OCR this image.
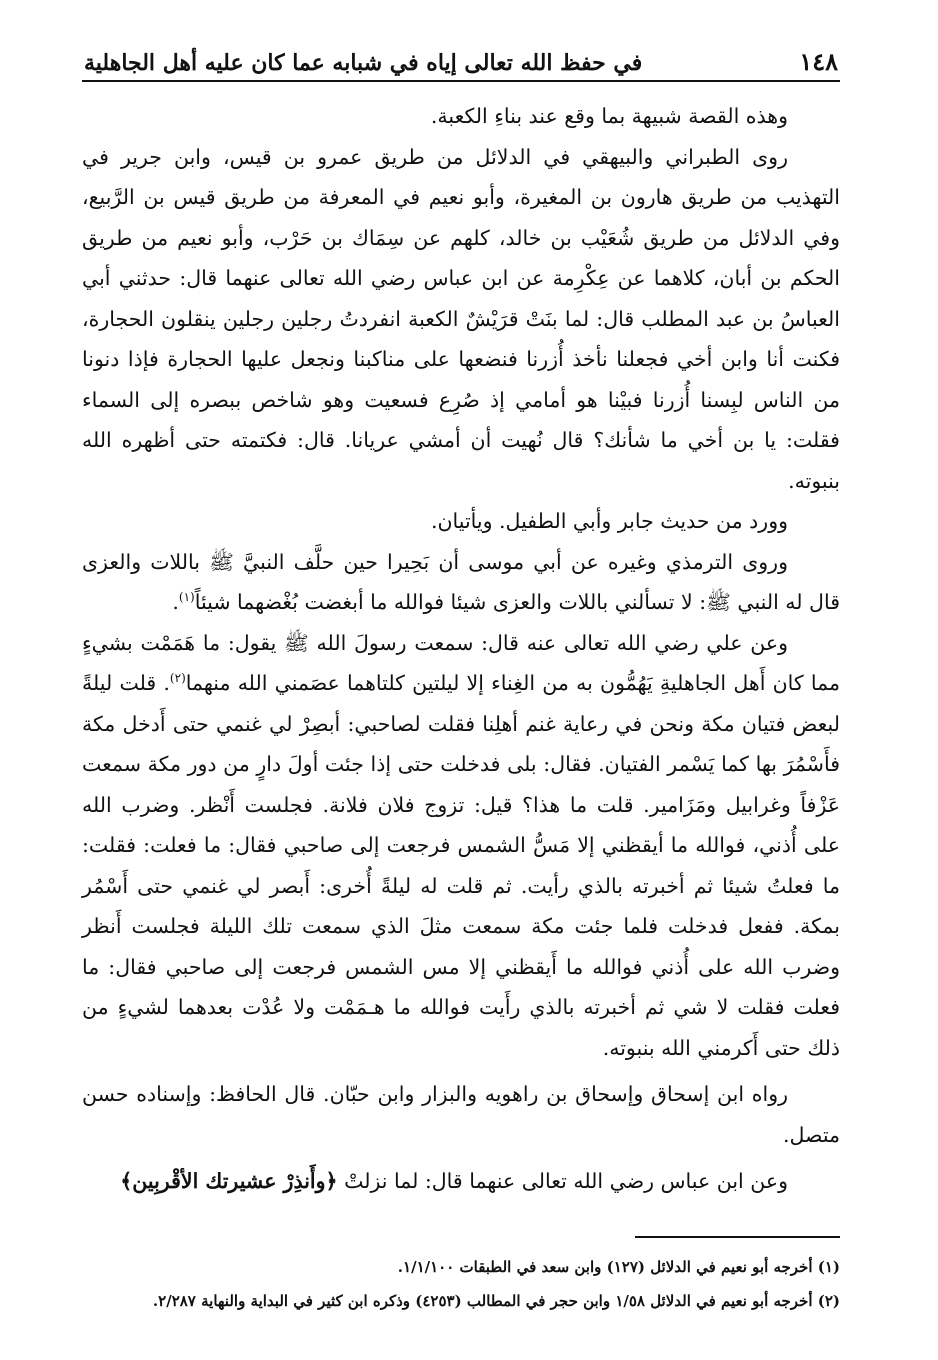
١٤٨
في حفظ الله تعالى إياه في شبابه عما كان عليه أهل الجاهلية

وهذه القصة شبيهة بما وقع عند بناءِ الكعبة.

روى الطبراني والبيهقي في الدلائل من طريق عمرو بن قيس، وابن جرير في التهذيب من طريق هارون بن المغيرة، وأبو نعيم في المعرفة من طريق قيس بن الرَّبيع، وفي الدلائل من طريق شُعَيْب بن خالد، كلهم عن سِمَاك بن حَرْب، وأبو نعيم من طريق الحكم بن أبان، كلاهما عن عِكْرِمة عن ابن عباس رضي الله تعالى عنهما قال: حدثني أبي العباسُ بن عبد المطلب قال: لما بنَتْ قرَيْشٌ الكعبة انفردتُ رجلين رجلين ينقلون الحجارة، فكنت أنا وابن أخي فجعلنا نأخذ أُزرنا فنضعها على مناكبنا ونجعل عليها الحجارة فإذا دنونا من الناس لبِسنا أُزرنا فبيْنا هو أمامي إذ صُرِع فسعيت وهو شاخص ببصره إلى السماء فقلت: يا بن أخي ما شأنك؟ قال نُهيت أن أمشي عريانا. قال: فكتمته حتى أظهره الله بنبوته.

وورد من حديث جابر وأبي الطفيل. ويأتيان.

وروى الترمذي وغيره عن أبي موسى أن بَحِيرا حين حلَّف النبيَّ ﷺ باللات والعزى قال له النبي ﷺ: لا تسألني باللات والعزى شيئا فوالله ما أبغضت بُغْضهما شيئاً$^{(١)}$.

وعن علي رضي الله تعالى عنه قال: سمعت رسولَ الله ﷺ يقول: ما هَمَمْت بشيءٍ مما كان أَهل الجاهليةِ يَهُمُّون به من الغِناء إلا ليلتين كلتاهما عصَمني الله منهما$^{(٢)}$. قلت ليلةً لبعض فتيان مكة ونحن في رعاية غنم أهلِنا فقلت لصاحبي: أبصِرْ لي غنمي حتى أَدخل مكة فأَسْمُرَ بها كما يَسْمر الفتيان. فقال: بلى فدخلت حتى إذا جئت أولَ دارٍ من دور مكة سمعت عَزْفاً وغرابيل ومَزَامير. قلت ما هذا؟ قيل: تزوج فلان فلانة. فجلست أَنْظر. وضرب الله على أُذني، فوالله ما أيقظني إلا مَسُّ الشمس فرجعت إلى صاحبي فقال: ما فعلت: فقلت: ما فعلتُ شيئا ثم أخبرته بالذي رأيت. ثم قلت له ليلةً أُخرى: أَبصر لي غنمي حتى أَسْمُر بمكة. ففعل فدخلت فلما جئت مكة سمعت مثلَ الذي سمعت تلك الليلة فجلست أَنظر وضرب الله على أُذني فوالله ما أَيقظني إلا مس الشمس فرجعت إلى صاحبي فقال: ما فعلت فقلت لا شي ثم أخبرته بالذي رأَيت فوالله ما هـمَمْت ولا عُدْت بعدهما لشيءٍ من ذلك حتى أَكرمني الله بنبوته.

رواه ابن إسحاق وإسحاق بن راهويه والبزار وابن حبّان. قال الحافظ: وإسناده حسن متصل.

وعن ابن عباس رضي الله تعالى عنهما قال: لما نزلتْ ﴿وأَنذِرْ عشيرتك الأقْربِين﴾

(١) أخرجه أبو نعيم في الدلائل (١٢٧) وابن سعد في الطبقات ١/١/١٠٠.

(٢) أخرجه أبو نعيم في الدلائل ١/٥٨ وابن حجر في المطالب (٤٢٥٣) وذكره ابن كثير في البداية والنهاية ٢/٢٨٧.
